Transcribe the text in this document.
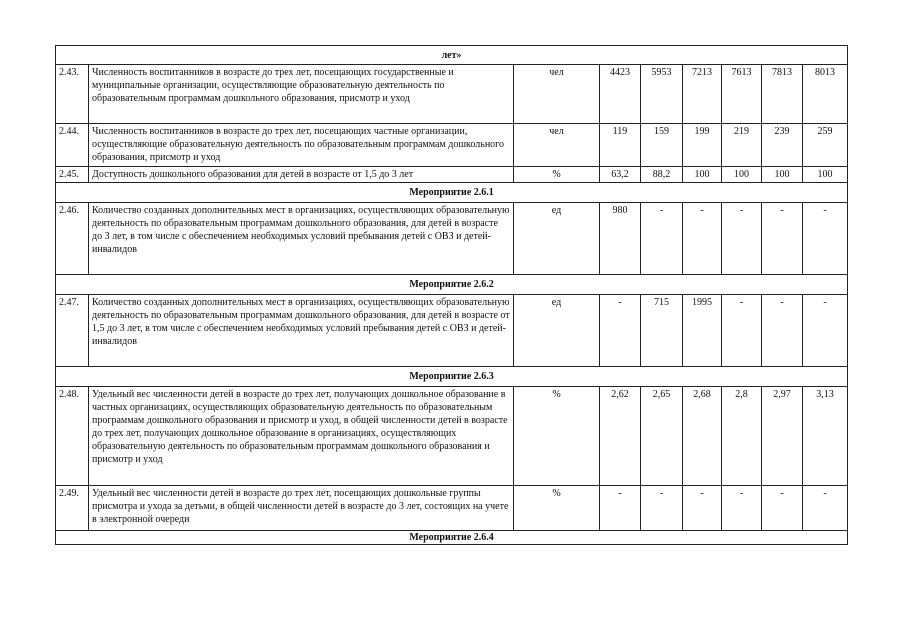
лет»								
2.43.	Численность воспитанников в возрасте до трех лет, посещающих государственные и муниципальные организации, осуществляющие образовательную деятельность по образовательным программам дошкольного образования, присмотр и уход	чел	4423	5953	7213	7613	7813	8013
2.44.	Численность воспитанников в возрасте до трех лет, посещающих частные организации, осуществляющие образовательную деятельность по образовательным программам дошкольного образования, присмотр и уход	чел	119	159	199	219	239	259
2.45.	Доступность дошкольного образования для детей в возрасте от 1,5 до 3 лет	%	63,2	88,2	100	100	100	100
Мероприятие 2.6.1								
2.46.	Количество созданных дополнительных мест в организациях, осуществляющих образовательную деятельность по образовательным программам дошкольного образования, для детей в возрасте до 3 лет, в том числе с обеспечением необходимых условий пребывания детей с ОВЗ и детей-инвалидов	ед	980	-	-	-	-	-
Мероприятие 2.6.2								
2.47.	Количество созданных дополнительных мест в организациях, осуществляющих образовательную деятельность по образовательным программам дошкольного образования, для детей в возрасте от 1,5 до 3 лет, в том числе с обеспечением необходимых условий пребывания детей с ОВЗ и детей-инвалидов	ед	-	715	1995	-	-	-
Мероприятие 2.6.3								
2.48.	Удельный вес численности детей в возрасте до трех лет, получающих дошкольное образование в частных организациях, осуществляющих образовательную деятельность по образовательным программам дошкольного образования и присмотр и уход, в общей численности детей в возрасте до трех лет, получающих дошкольное образование в организациях, осуществляющих образовательную деятельность по образовательным программам дошкольного образования и присмотр и уход	%	2,62	2,65	2,68	2,8	2,97	3,13
2.49.	Удельный вес численности детей в возрасте до трех лет, посещающих дошкольные группы присмотра и ухода за детьми, в общей численности детей в возрасте до 3 лет, состоящих на учете в электронной очереди	%	-	-	-	-	-	-
Мероприятие 2.6.4								
